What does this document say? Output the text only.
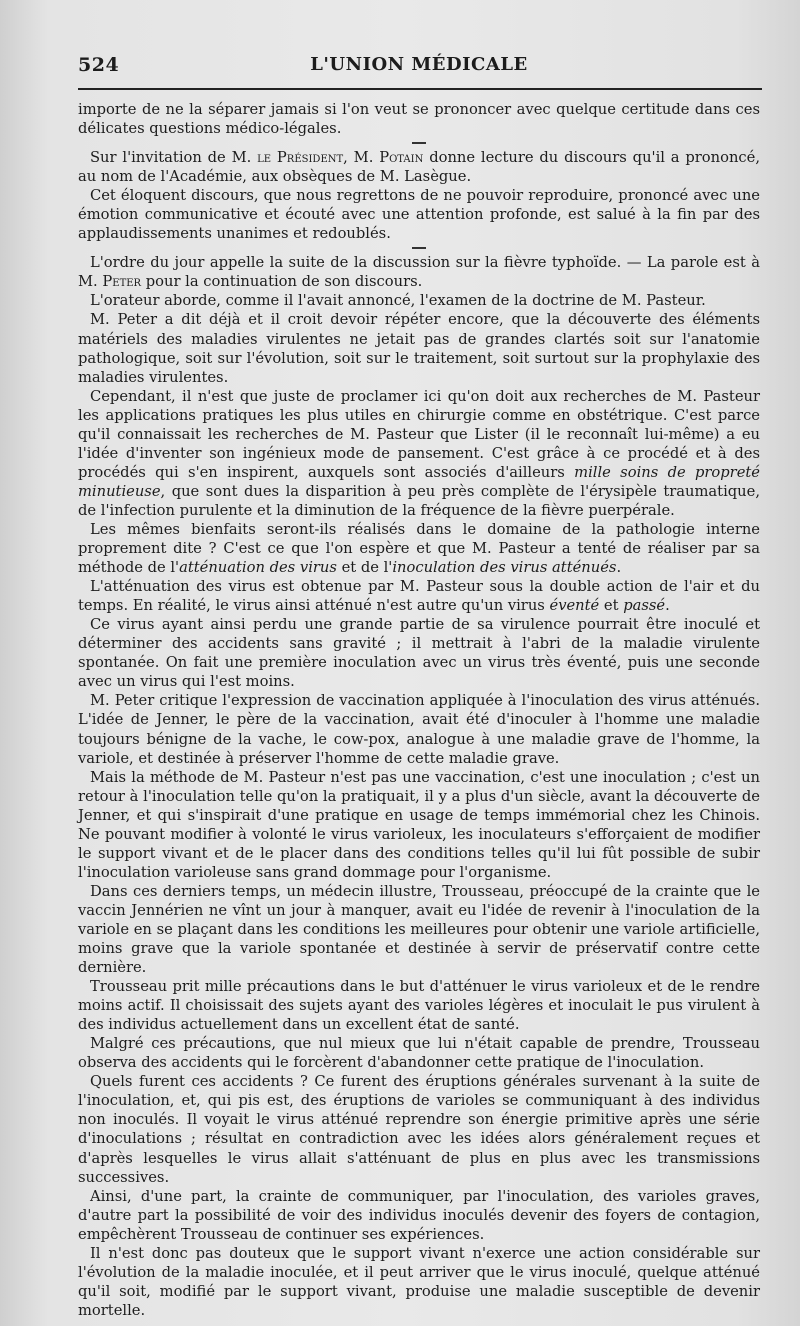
524	L'UNION MÉDICALE

importe de ne la séparer jamais si l'on veut se prononcer avec quelque certitude dans ces délicates questions médico-légales.

Sur l'invitation de M. le Président, M. Potain donne lecture du discours qu'il a prononcé, au nom de l'Académie, aux obsèques de M. Lasègue.

Cet éloquent discours, que nous regrettons de ne pouvoir reproduire, prononcé avec une émotion communicative et écouté avec une attention profonde, est salué à la fin par des applaudissements unanimes et redoublés.

L'ordre du jour appelle la suite de la discussion sur la fièvre typhoïde. — La parole est à M. Peter pour la continuation de son discours.

L'orateur aborde, comme il l'avait annoncé, l'examen de la doctrine de M. Pasteur.

M. Peter a dit déjà et il croit devoir répéter encore, que la découverte des éléments matériels des maladies virulentes ne jetait pas de grandes clartés soit sur l'anatomie pathologique, soit sur l'évolution, soit sur le traitement, soit surtout sur la prophylaxie des maladies virulentes.

Cependant, il n'est que juste de proclamer ici qu'on doit aux recherches de M. Pasteur les applications pratiques les plus utiles en chirurgie comme en obstétrique. C'est parce qu'il connaissait les recherches de M. Pasteur que Lister (il le reconnaît lui-même) a eu l'idée d'inventer son ingénieux mode de pansement. C'est grâce à ce procédé et à des procédés qui s'en inspirent, auxquels sont associés d'ailleurs mille soins de propreté minutieuse, que sont dues la disparition à peu près complète de l'érysipèle traumatique, de l'infection purulente et la diminution de la fréquence de la fièvre puerpérale.

Les mêmes bienfaits seront-ils réalisés dans le domaine de la pathologie interne proprement dite ? C'est ce que l'on espère et que M. Pasteur a tenté de réaliser par sa méthode de l'atténuation des virus et de l'inoculation des virus atténués.

L'atténuation des virus est obtenue par M. Pasteur sous la double action de l'air et du temps. En réalité, le virus ainsi atténué n'est autre qu'un virus éventé et passé.

Ce virus ayant ainsi perdu une grande partie de sa virulence pourrait être inoculé et déterminer des accidents sans gravité ; il mettrait à l'abri de la maladie virulente spontanée. On fait une première inoculation avec un virus très éventé, puis une seconde avec un virus qui l'est moins.

M. Peter critique l'expression de vaccination appliquée à l'inoculation des virus atténués. L'idée de Jenner, le père de la vaccination, avait été d'inoculer à l'homme une maladie toujours bénigne de la vache, le cow-pox, analogue à une maladie grave de l'homme, la variole, et destinée à préserver l'homme de cette maladie grave.

Mais la méthode de M. Pasteur n'est pas une vaccination, c'est une inoculation ; c'est un retour à l'inoculation telle qu'on la pratiquait, il y a plus d'un siècle, avant la découverte de Jenner, et qui s'inspirait d'une pratique en usage de temps immémorial chez les Chinois. Ne pouvant modifier à volonté le virus varioleux, les inoculateurs s'efforçaient de modifier le support vivant et de le placer dans des conditions telles qu'il lui fût possible de subir l'inoculation varioleuse sans grand dommage pour l'organisme.

Dans ces derniers temps, un médecin illustre, Trousseau, préoccupé de la crainte que le vaccin Jennérien ne vînt un jour à manquer, avait eu l'idée de revenir à l'inoculation de la variole en se plaçant dans les conditions les meilleures pour obtenir une variole artificielle, moins grave que la variole spontanée et destinée à servir de préservatif contre cette dernière.

Trousseau prit mille précautions dans le but d'atténuer le virus varioleux et de le rendre moins actif. Il choisissait des sujets ayant des varioles légères et inoculait le pus virulent à des individus actuellement dans un excellent état de santé.

Malgré ces précautions, que nul mieux que lui n'était capable de prendre, Trousseau observa des accidents qui le forcèrent d'abandonner cette pratique de l'inoculation.

Quels furent ces accidents ? Ce furent des éruptions générales survenant à la suite de l'inoculation, et, qui pis est, des éruptions de varioles se communiquant à des individus non inoculés. Il voyait le virus atténué reprendre son énergie primitive après une série d'inoculations ; résultat en contradiction avec les idées alors généralement reçues et d'après lesquelles le virus allait s'atténuant de plus en plus avec les transmissions successives.

Ainsi, d'une part, la crainte de communiquer, par l'inoculation, des varioles graves, d'autre part la possibilité de voir des individus inoculés devenir des foyers de contagion, empêchèrent Trousseau de continuer ses expériences.

Il n'est donc pas douteux que le support vivant n'exerce une action considérable sur l'évolution de la maladie inoculée, et il peut arriver que le virus inoculé, quelque atténué qu'il soit, modifié par le support vivant, produise une maladie susceptible de devenir mortelle.
